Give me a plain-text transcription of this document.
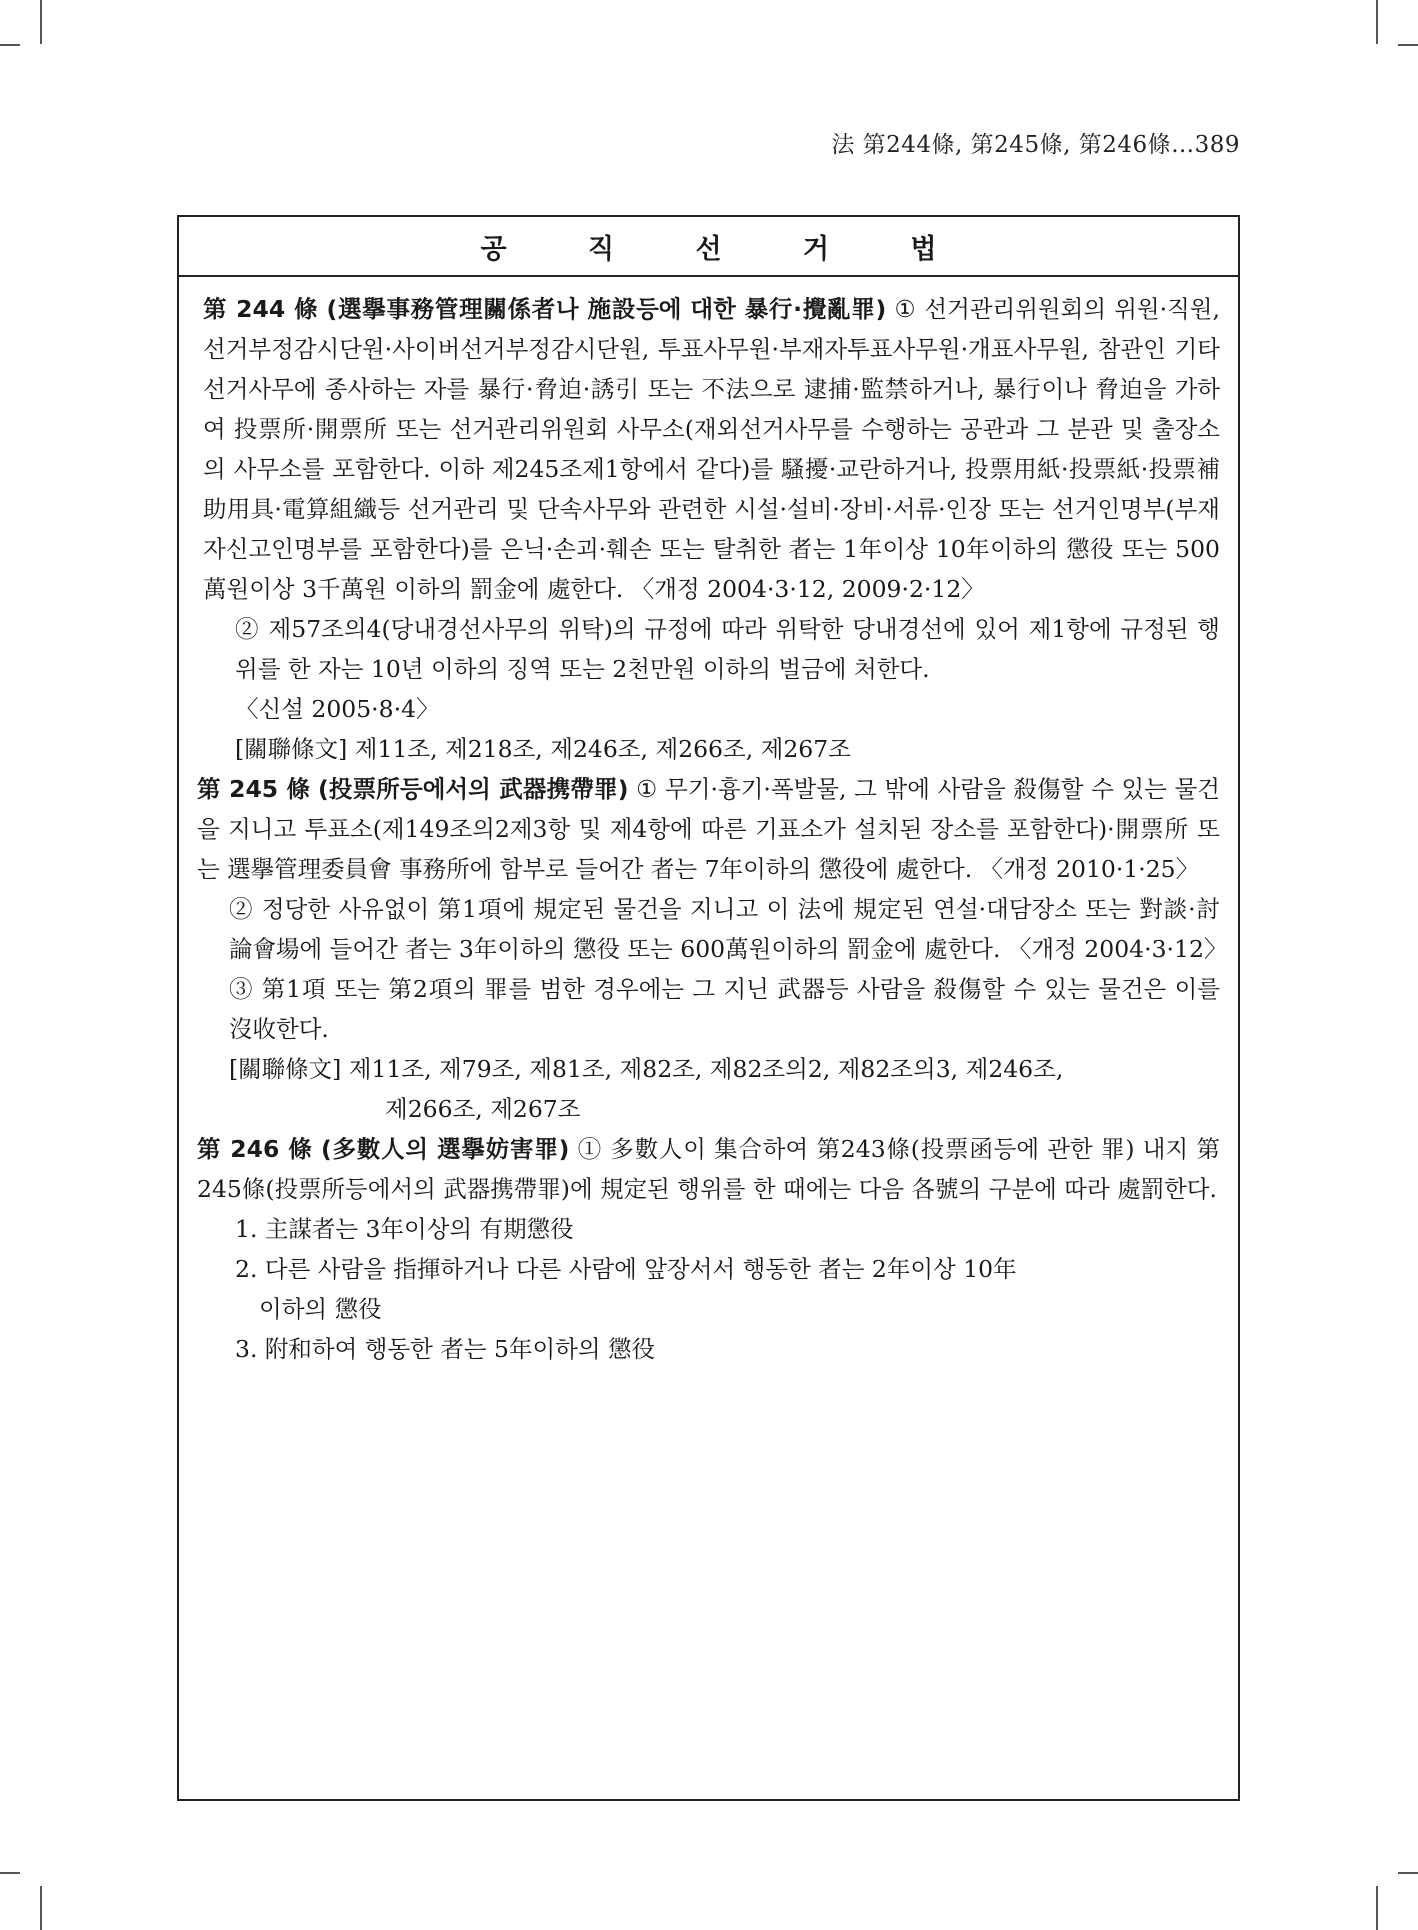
法 第244條, 第245條, 第246條…389
공 직 선 거 법
第 244 條 (選擧事務管理關係者나 施設등에 대한 暴行·攪亂罪) ① 선거관리위원회의 위원·직원, 선거부정감시단원·사이버선거부정감시단원, 투표사무원·부재자투표사무원·개표사무원, 참관인 기타 선거사무에 종사하는 자를 暴行·脅迫·誘引 또는 不法으로 逮捕·監禁하거나, 暴行이나 脅迫을 가하여 投票所·開票所 또는 선거관리위원회 사무소(재외선거사무를 수행하는 공관과 그 분관 및 출장소의 사무소를 포함한다. 이하 제245조제1항에서 같다)를 騷擾·교란하거나, 投票用紙·投票紙·投票補助用具·電算組織등 선거관리 및 단속사무와 관련한 시설·설비·장비·서류·인장 또는 선거인명부(부재자신고인명부를 포함한다)를 은닉·손괴·훼손 또는 탈취한 者는 1年이상 10年이하의 懲役 또는 500萬원이상 3千萬원 이하의 罰金에 處한다. 〈개정 2004·3·12, 2009·2·12〉
② 제57조의4(당내경선사무의 위탁)의 규정에 따라 위탁한 당내경선에 있어 제1항에 규정된 행위를 한 자는 10년 이하의 징역 또는 2천만원 이하의 벌금에 처한다.
〈신설 2005·8·4〉
[關聯條文] 제11조, 제218조, 제246조, 제266조, 제267조
第 245 條 (投票所등에서의 武器携帶罪) ① 무기·흉기·폭발물, 그 밖에 사람을 殺傷할 수 있는 물건을 지니고 투표소(제149조의2제3항 및 제4항에 따른 기표소가 설치된 장소를 포함한다)·開票所 또는 選擧管理委員會 事務所에 함부로 들어간 者는 7年이하의 懲役에 處한다. 〈개정 2010·1·25〉
② 정당한 사유없이 第1項에 規定된 물건을 지니고 이 法에 規定된 연설·대담장소 또는 對談·討論會場에 들어간 者는 3年이하의 懲役 또는 600萬원이하의 罰金에 處한다. 〈개정 2004·3·12〉
③ 第1項 또는 第2項의 罪를 범한 경우에는 그 지닌 武器등 사람을 殺傷할 수 있는 물건은 이를 沒收한다.
[關聯條文] 제11조, 제79조, 제81조, 제82조, 제82조의2, 제82조의3, 제246조,
제266조, 제267조
第 246 條 (多數人의 選擧妨害罪) ① 多數人이 集合하여 第243條(投票函등에 관한 罪) 내지 第245條(投票所등에서의 武器携帶罪)에 規定된 행위를 한 때에는 다음 各號의 구분에 따라 處罰한다.
1. 主謀者는 3年이상의 有期懲役
2. 다른 사람을 指揮하거나 다른 사람에 앞장서서 행동한 者는 2年이상 10年
이하의 懲役
3. 附和하여 행동한 者는 5年이하의 懲役
